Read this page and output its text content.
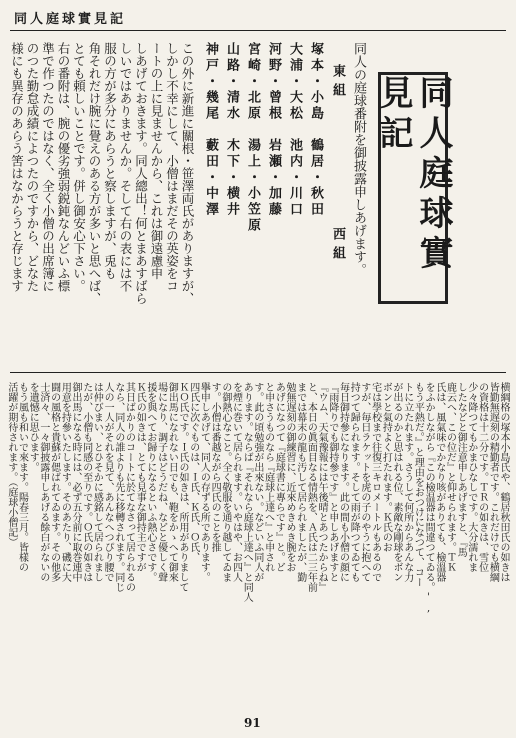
同人庭球實見記
同人庭球實見記
同人の庭球番附を御披露申しあげます。
東組
西組
塚本・小島　鶴居・秋田
大浦・大松　池内・川口
河野・曾根　岩瀬・加藤
宮崎・北原　湯上・小笠原
山路・清水　木下・横井
神戸・幾尾　藪田・中澤
この外に新進に關根・笹澤両氏がありますが、
しかし不幸にして、小僧はまだその英姿をコ
ートの上に見ませんから、これは御遠慮申
しあげておきます。同人總出！何とまあすばら
しいではありませんか。そして右の表には不
服の方が多分にあらうと察しますが、兎も
角それだけ腕に覺えのある方が多いと思へば、
とても頼しいことです。併し御安心下さい。
右の番附は、腕の優劣強弱鋭鈍なんどいふ標
準で作つたのではなく、全く小僧の出席簿に
のつた勤怠成績によつたのですから、どなた
様にも異存のあらう筈はなからうと存じます
横綱格の塚本小島氏や、鶴居秋田氏の如きは
皆勤無遅刻の精勤者です。これだけでも横綱
の資格は十二分です。ＴＲの如きは、雪位
少々降つてもかまひなしです。大分濡れま
したなどと御注意申しあげますと、『馬
鹿云へ、この位だ』と仰せられます。ＴＫ
氏は、風氣味でかなり咳がありても、檢溫器
をふかしながら『この檢温器は間違つてゐる。',
もう平熱だ。』と理由をおつけになつて、コー
トに立たれます。さうして何所からあんな力
が出るのかと思はれる位、素敵な剛球をボン
ボンと氣持よく打たれます。Ｋ氏のお
宅は學校まで往復三キロメートルもあるので
すが、毎日ラケットを虎の子のやうに抱へて
持つて歸られます。そして雨が降つてゐても
毎日御持參になります。此の間も小僧の顔に
『雨降りでも御持參です』と申しあげますと
『ウム、天氣豫報には午後晴とあつたからね』
と、本日の眞面目なる情熱を、Ａ氏は二三年前
までは幕末の龍も汚して居られましたが、勤
勉無遅刻の御練習に、近來めきめき腕をお
あげになつて『庭球書に專らです』と。ど
と申さうものなら『庭球上達へ』と申され
す。此の頃勉強が出來ない。などいふ同人が
あります。ならば『それなら庭球上達へ』と同人
を煙に巻いて居られます。いやはや、お四人
の御熱心なこと。全く敬服を通り越してゐま
す。小僧は番越ながら四氏のことを推
擧申しあげて、同人の存ずる所であります。
四氏に次ぐものは、Ｉ氏、Ｋ氏、Ｏ氏、
ＫＯ氏です。Ｉ氏の如きは、所用がありまして
御出馬になれない日でも、鞄をかゝへて御來
場になり、調子はどうだね、などと優しく聲
援を與へてお歸りになるといふ熱心さです。
Ｋ氏の如きは、とても見事な御持主ですが
其日ばかりのコートに於てなさって居られるの
なら、同人の誰よりも先に移轉されます。同じ
人の一人がそれを見て、あんなへつぴり腰で
は仲びまい、とひそかに感銘して居られまし
たが、小僧も同感の至りです。Ｏ氏の如きは
御出馬になる時には、必ず五分前に取巻連中
用意を持參いたします。そのあたり、磯に大
闘の風格と貴蘇が偲ばれてゐます。その他多
士済々、一々御披露申しあげる餘白がないの
を遺憾に思ひます。
もう風も和いで來ます。陽春三月。皆樣の
活躍が期待されます。（庭球小僧記）
91
